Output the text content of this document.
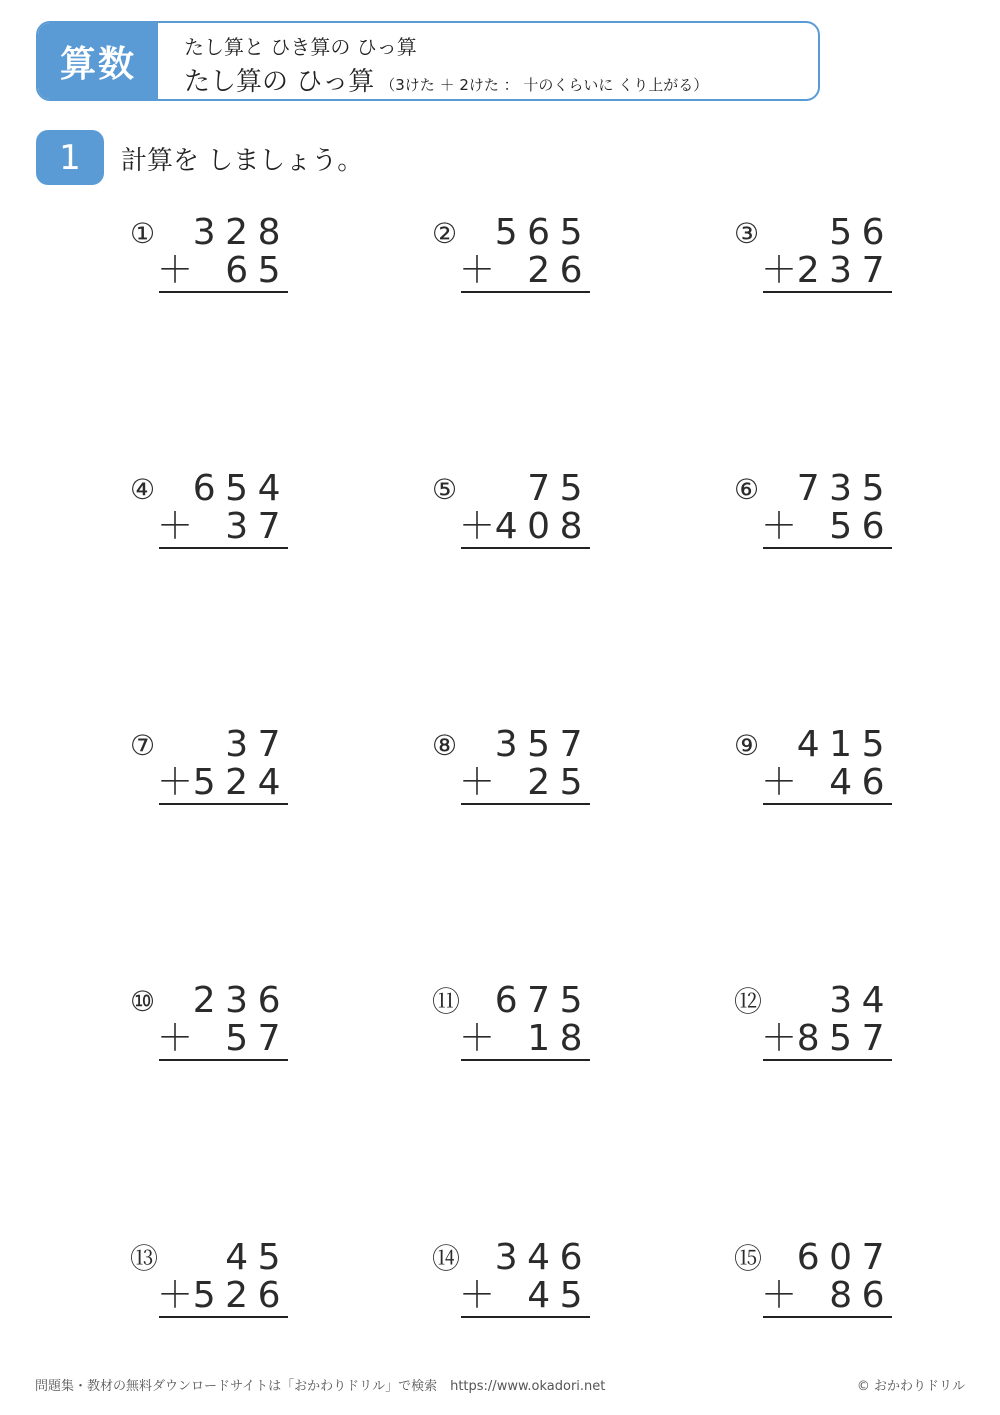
算数	たし算と ひき算の ひっ算
たし算の ひっ算 （3けた ＋ 2けた ： 十のくらいに くり上がる）
1	計算を しましょう。
① 328
＋ 65
② 565
＋ 26
③	56
＋ 237
④ 654
＋ 37
⑤	75
＋ 408
⑥ 735
＋ 56
⑦	37
＋ 524
⑧ 357
＋ 25
⑨ 415
＋ 46
⑩ 236
＋ 57
⑪ 675
＋ 18
⑫	34
＋ 857
⑬	45
＋ 526
⑭ 346
＋ 45
⑮ 607
＋ 86
問題集・教材の無料ダウンロードサイトは「おかわりドリル」で検索　https://www.okadori.net	© おかわりドリル
